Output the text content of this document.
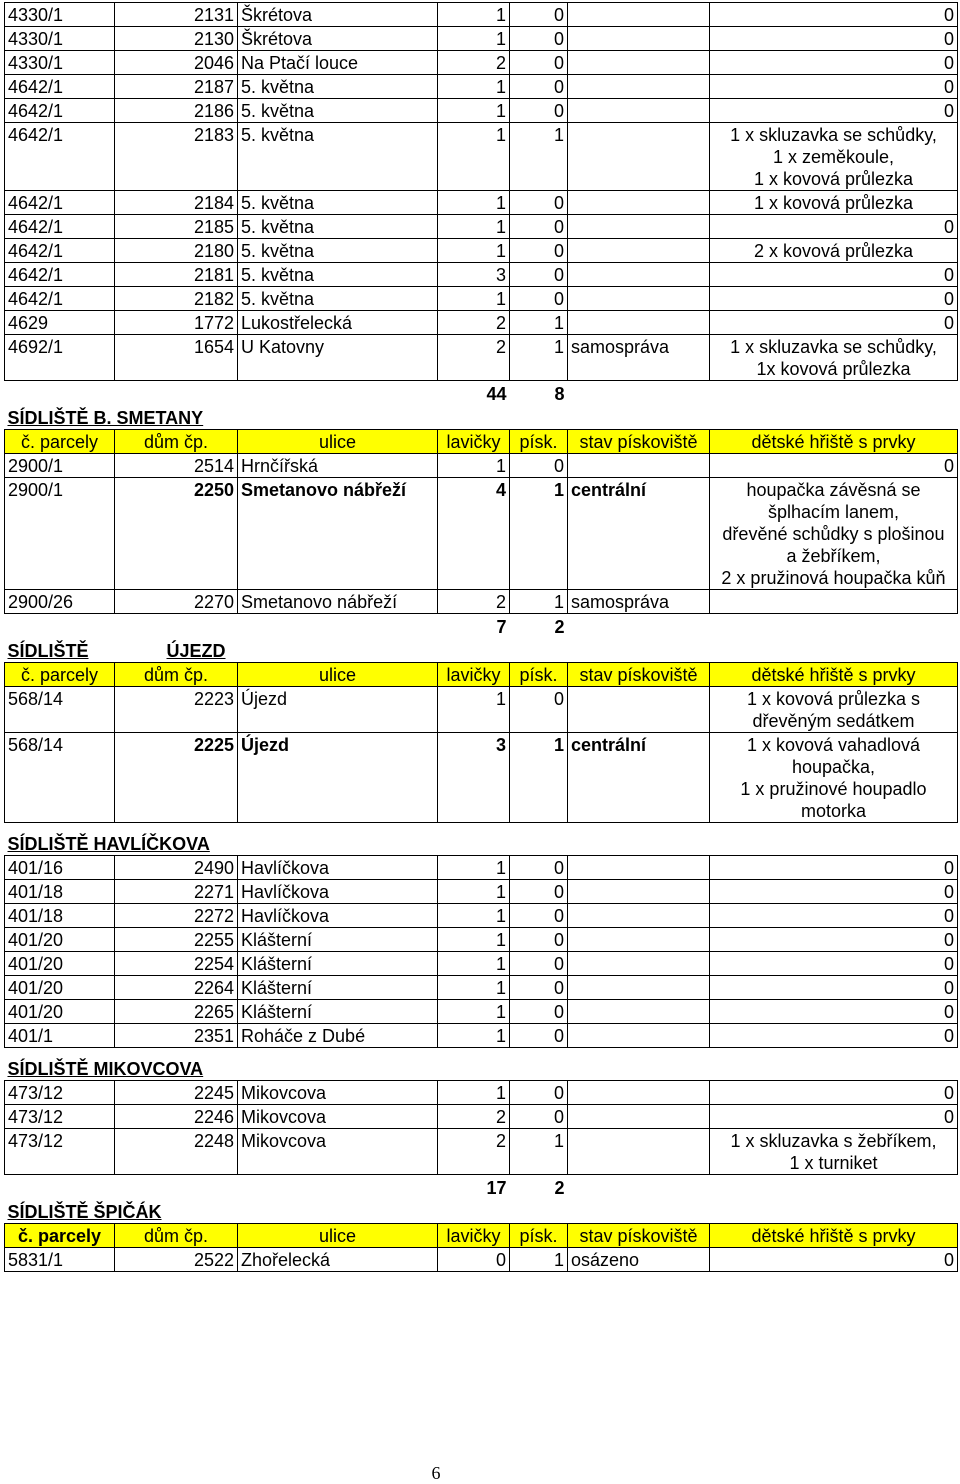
4330/1	2131	Škrétova	1	0		0
4330/1	2130	Škrétova	1	0		0
4330/1	2046	Na Ptačí louce	2	0		0
4642/1	2187	5. května	1	0		0
4642/1	2186	5. května	1	0		0
4642/1	2183	5. května	1	1		1 x skluzavka se schůdky,
1 x zeměkoule,
1 x kovová průlezka
4642/1	2184	5. května	1	0		1 x kovová průlezka
4642/1	2185	5. května	1	0		0
4642/1	2180	5. května	1	0		2 x kovová průlezka
4642/1	2181	5. května	3	0		0
4642/1	2182	5. května	1	0		0
4629	1772	Lukostřelecká	2	1		0
4692/1	1654	U Katovny	2	1	samospráva	1 x skluzavka se schůdky,
1x kovová průlezka
			44	8		
SÍDLIŠTĚ B. SMETANY						
č. parcely	dům čp.	ulice	lavičky	písk.	stav pískoviště	dětské hřiště s prvky
2900/1	2514	Hrnčířská	1	0		0
2900/1	2250	Smetanovo nábřeží	4	1	centrální	houpačka závěsná se
šplhacím lanem,
dřevěné schůdky s plošinou
a žebříkem,
2 x pružinová houpačka kůň
2900/26	2270	Smetanovo nábřeží	2	1	samospráva	
			7	2		
SÍDLIŠTĚ	ÚJEZD					
č. parcely	dům čp.	ulice	lavičky	písk.	stav pískoviště	dětské hřiště s prvky
568/14	2223	Újezd	1	0		1 x kovová průlezka s
dřevěným sedátkem
568/14	2225	Újezd	3	1	centrální	1 x kovová vahadlová
houpačka,
1 x pružinové houpadlo
motorka

SÍDLIŠTĚ HAVLÍČKOVA						
401/16	2490	Havlíčkova	1	0		0
401/18	2271	Havlíčkova	1	0		0
401/18	2272	Havlíčkova	1	0		0
401/20	2255	Klášterní	1	0		0
401/20	2254	Klášterní	1	0		0
401/20	2264	Klášterní	1	0		0
401/20	2265	Klášterní	1	0		0
401/1	2351	Roháče z Dubé	1	0		0

SÍDLIŠTĚ MIKOVCOVA						
473/12	2245	Mikovcova	1	0		0
473/12	2246	Mikovcova	2	0		0
473/12	2248	Mikovcova	2	1		1 x skluzavka s žebříkem,
1 x turniket
			17	2		
SÍDLIŠTĚ ŠPIČÁK						
č. parcely	dům čp.	ulice	lavičky	písk.	stav pískoviště	dětské hřiště s prvky
5831/1	2522	Zhořelecká	0	1	osázeno	0
6
